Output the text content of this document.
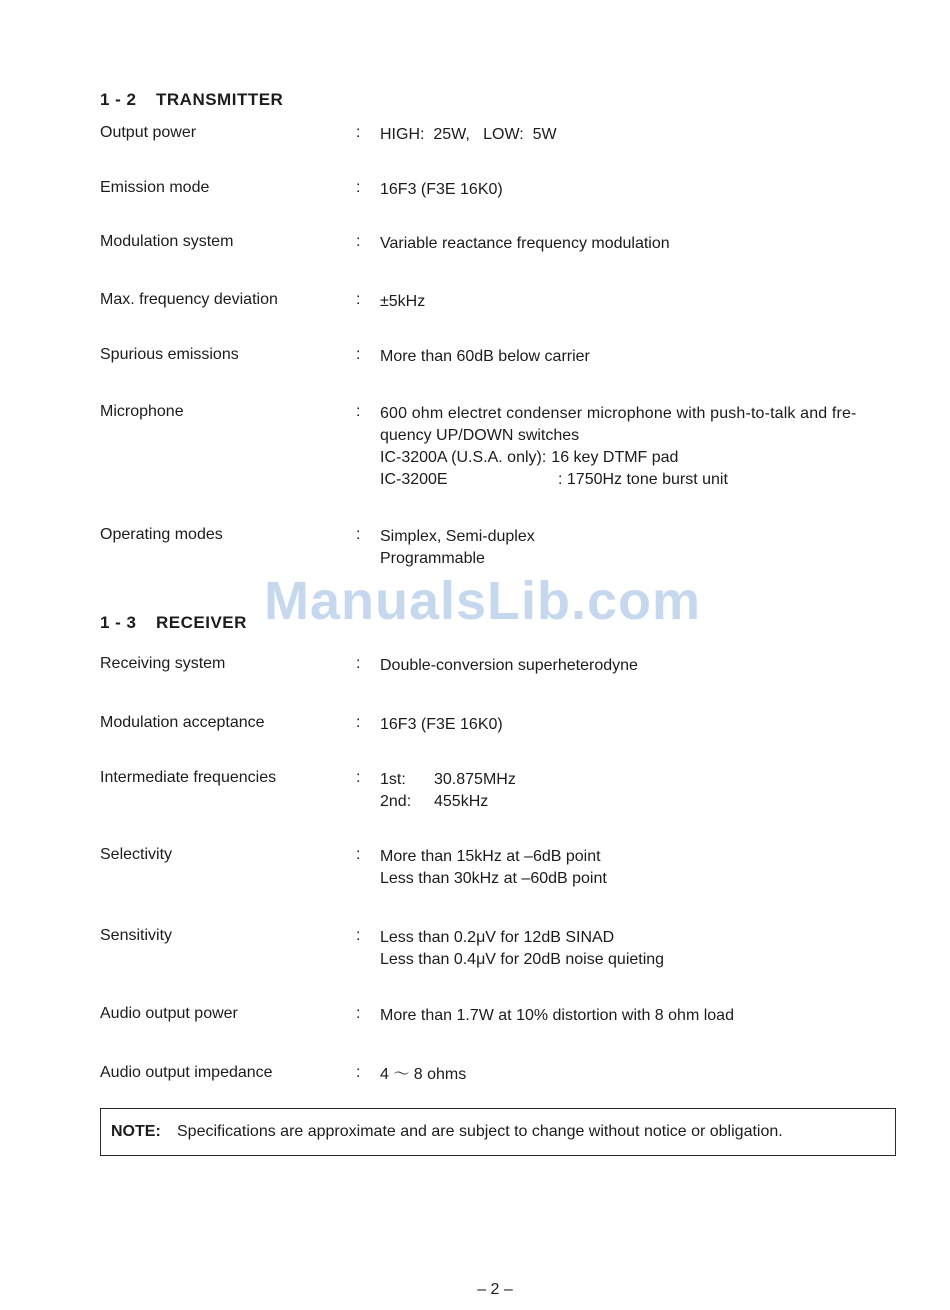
1 - 2 TRANSMITTER
Output power	: HIGH:  25W,   LOW:  5W
Emission mode	: 16F3 (F3E 16K0)
Modulation system	: Variable reactance frequency modulation
Max. frequency deviation	: ±5kHz
Spurious emissions	: More than 60dB below carrier
Microphone	: 600 ohm electret condenser microphone with push-to-talk and fre-
quency UP/DOWN switches
IC-3200A (U.S.A. only): 16 key DTMF pad
IC-3200E	: 1750Hz tone burst unit
Operating modes	: Simplex, Semi-duplex
Programmable
ManualsLib.com
1 - 3 RECEIVER
Receiving system	: Double-conversion superheterodyne
Modulation acceptance	: 16F3 (F3E 16K0)
Intermediate frequencies	: 1st: 30.875MHz
2nd: 455kHz
Selectivity	: More than 15kHz at –6dB point
Less than 30kHz at –60dB point
Sensitivity	: Less than 0.2μV for 12dB SINAD
Less than 0.4μV for 20dB noise quieting
Audio output power	: More than 1.7W at 10% distortion with 8 ohm load
Audio output impedance	: 4 ～ 8 ohms
NOTE: Specifications are approximate and are subject to change without notice or obligation.
– 2 –
